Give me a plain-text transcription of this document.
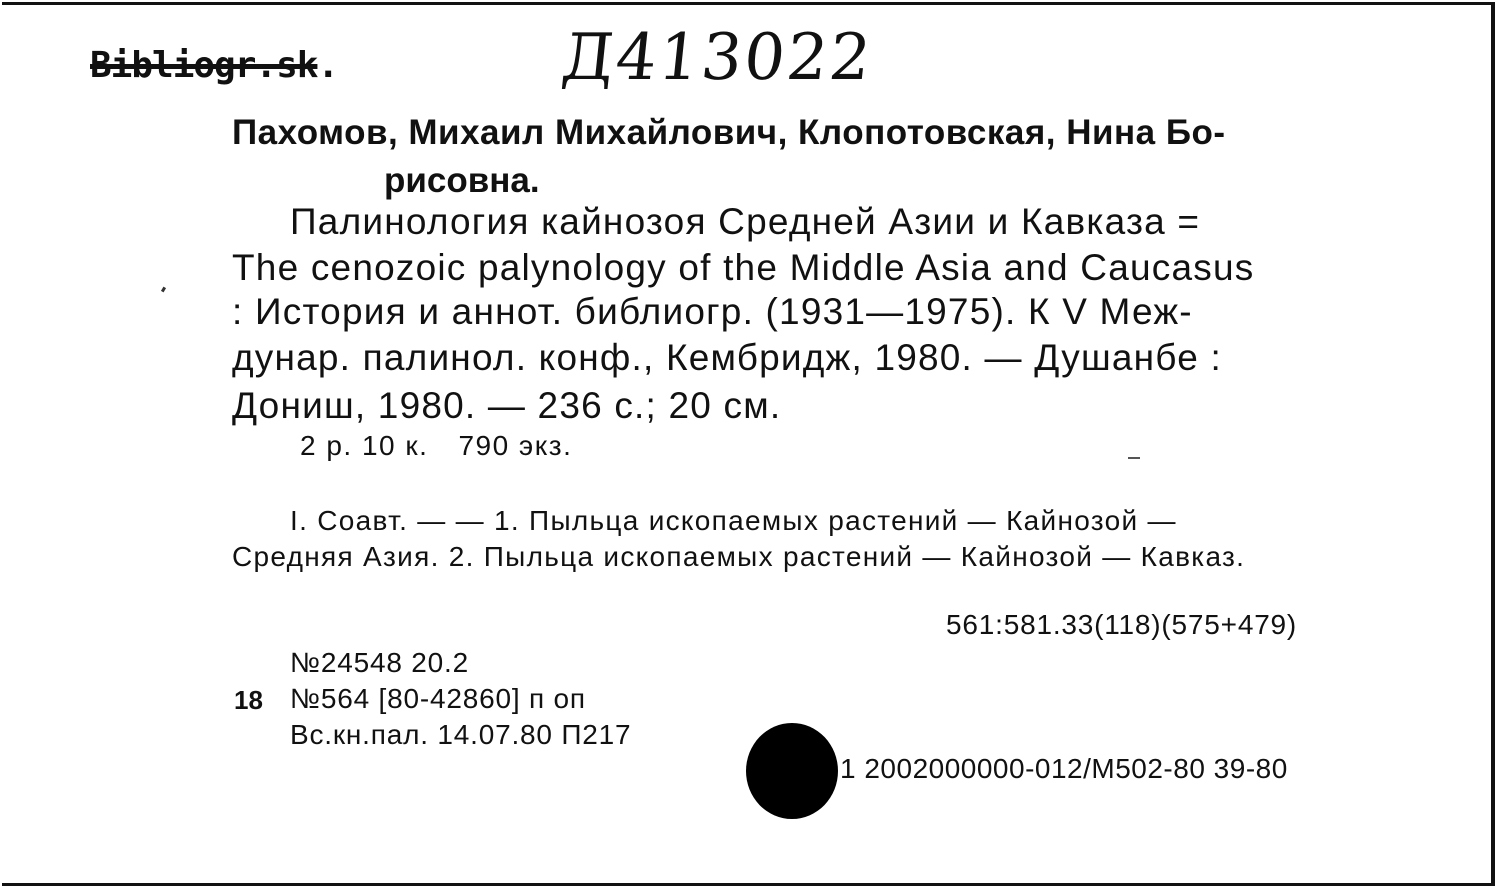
Bibliogr.sk.	Д413022
Пахомов, Михаил Михайлович, Клопотовская, Нина Бо-
рисовна.
Палинология кайнозоя Средней Азии и Кавказа =
The cenozoic palynology of the Middle Asia and Caucasus
: История и аннот. библиогр. (1931—1975). К V Меж-
дунар. палинол. конф., Кембридж, 1980. — Душанбе :
Дониш, 1980. — 236 с.; 20 см.
2 р. 10 к. 790 экз.
I. Соавт. — — 1. Пыльца ископаемых растений — Кайнозой —
Средняя Азия. 2. Пыльца ископаемых растений — Кайнозой — Кавказ.
561:581.33(118)(575+479)
№24548 20.2
18 №564 [80-42860] п оп
Вс.кн.пал. 14.07.80 П217
1 2002000000-012/М502-80 39-80
